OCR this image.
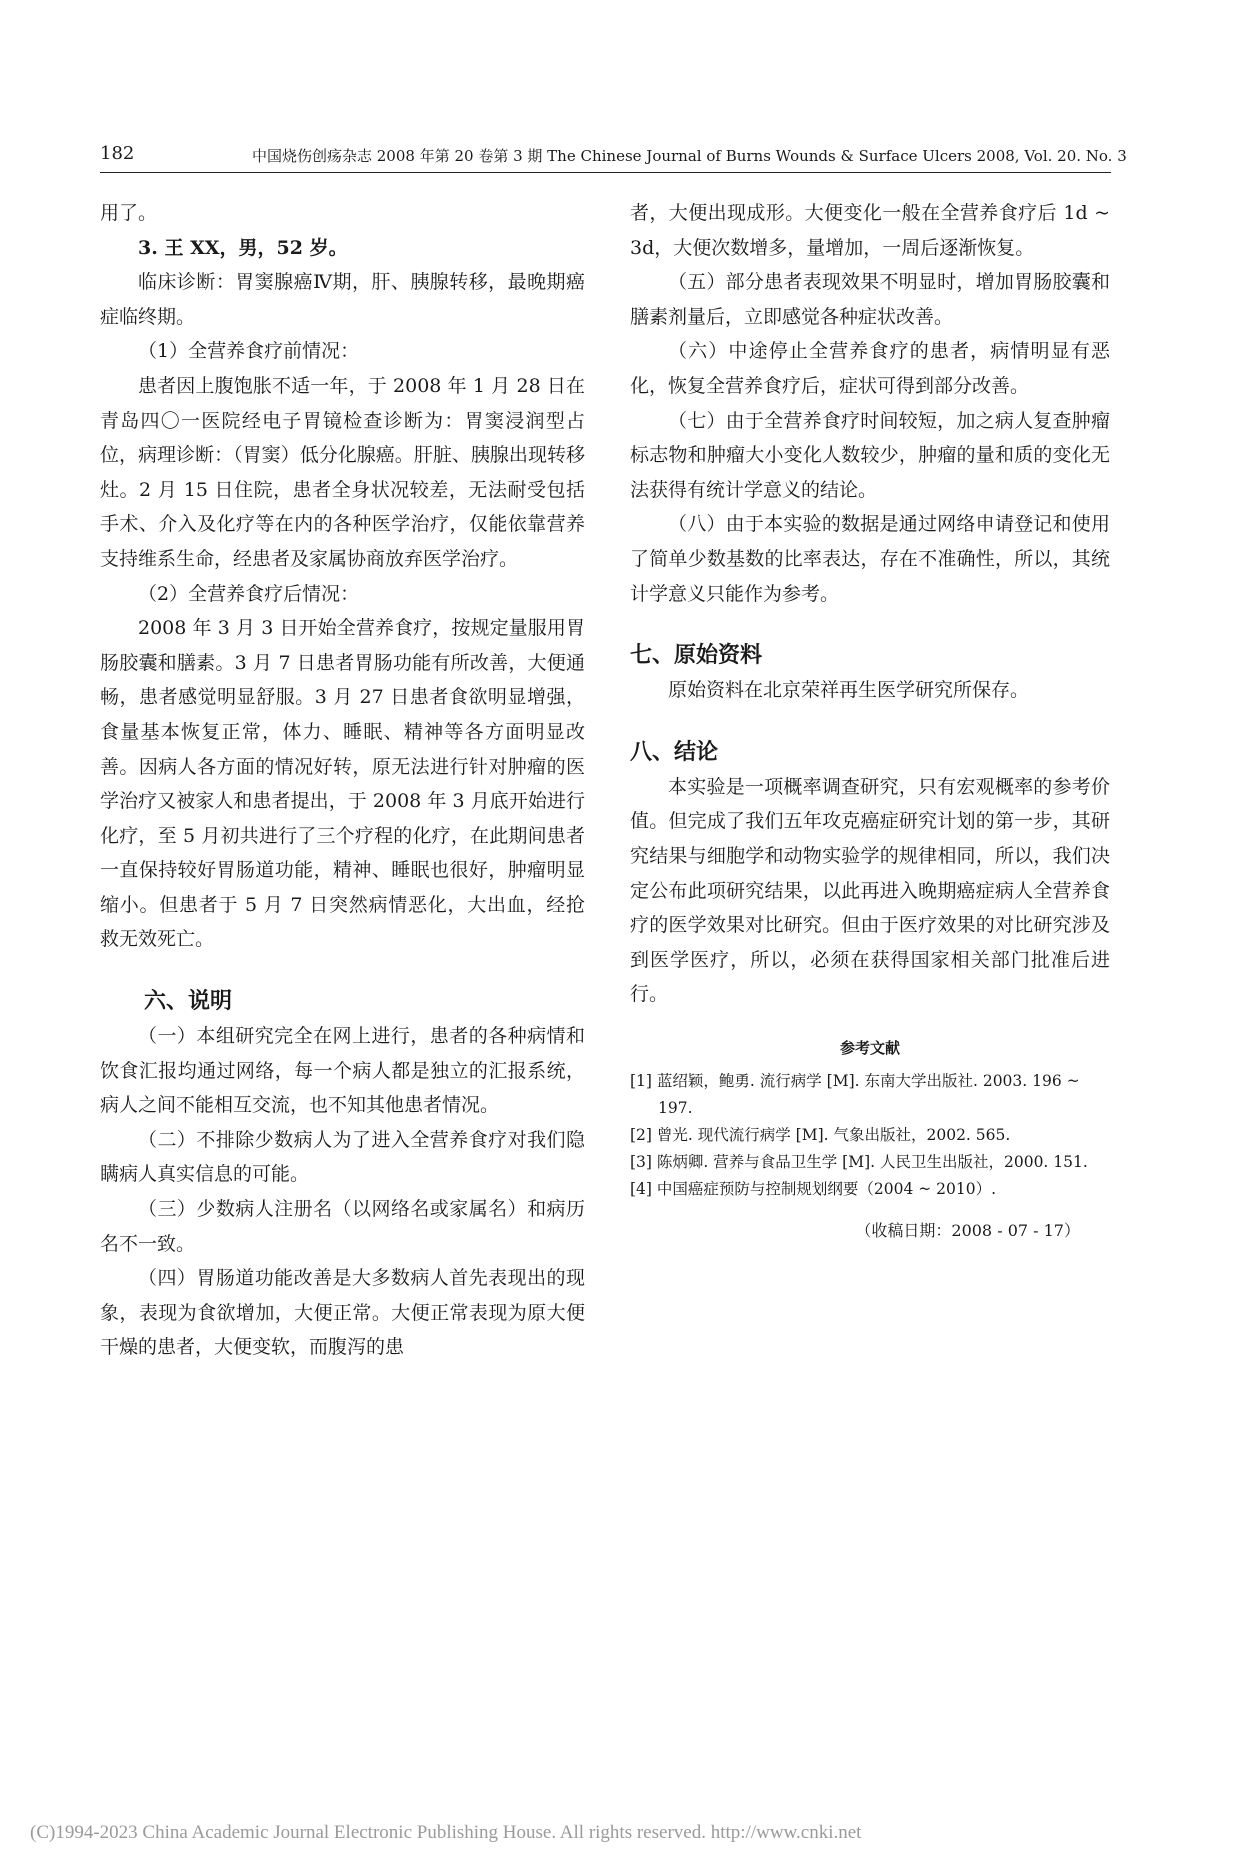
182	中国烧伤创疡杂志 2008 年第 20 卷第 3 期 The Chinese Journal of Burns Wounds & Surface Ulcers 2008, Vol. 20. No. 3

用了。

3. 王 XX，男，52 岁。

临床诊断：胃窦腺癌Ⅳ期，肝、胰腺转移，最晚期癌症临终期。

（1）全营养食疗前情况：

患者因上腹饱胀不适一年，于 2008 年 1 月 28 日在青岛四〇一医院经电子胃镜检查诊断为：胃窦浸润型占位，病理诊断：（胃窦）低分化腺癌。肝脏、胰腺出现转移灶。2 月 15 日住院，患者全身状况较差，无法耐受包括手术、介入及化疗等在内的各种医学治疗，仅能依靠营养支持维系生命，经患者及家属协商放弃医学治疗。

（2）全营养食疗后情况：

2008 年 3 月 3 日开始全营养食疗，按规定量服用胃肠胶囊和膳素。3 月 7 日患者胃肠功能有所改善，大便通畅，患者感觉明显舒服。3 月 27 日患者食欲明显增强，食量基本恢复正常，体力、睡眠、精神等各方面明显改善。因病人各方面的情况好转，原无法进行针对肿瘤的医学治疗又被家人和患者提出，于 2008 年 3 月底开始进行化疗，至 5 月初共进行了三个疗程的化疗，在此期间患者一直保持较好胃肠道功能，精神、睡眠也很好，肿瘤明显缩小。但患者于 5 月 7 日突然病情恶化，大出血，经抢救无效死亡。

六、说明

（一）本组研究完全在网上进行，患者的各种病情和饮食汇报均通过网络，每一个病人都是独立的汇报系统，病人之间不能相互交流，也不知其他患者情况。

（二）不排除少数病人为了进入全营养食疗对我们隐瞒病人真实信息的可能。

（三）少数病人注册名（以网络名或家属名）和病历名不一致。

（四）胃肠道功能改善是大多数病人首先表现出的现象，表现为食欲增加，大便正常。大便正常表现为原大便干燥的患者，大便变软，而腹泻的患

者，大便出现成形。大便变化一般在全营养食疗后 1d ~ 3d，大便次数增多，量增加，一周后逐渐恢复。

（五）部分患者表现效果不明显时，增加胃肠胶囊和膳素剂量后，立即感觉各种症状改善。

（六）中途停止全营养食疗的患者，病情明显有恶化，恢复全营养食疗后，症状可得到部分改善。

（七）由于全营养食疗时间较短，加之病人复查肿瘤标志物和肿瘤大小变化人数较少，肿瘤的量和质的变化无法获得有统计学意义的结论。

（八）由于本实验的数据是通过网络申请登记和使用了简单少数基数的比率表达，存在不准确性，所以，其统计学意义只能作为参考。

七、原始资料

原始资料在北京荣祥再生医学研究所保存。

八、结论

本实验是一项概率调查研究，只有宏观概率的参考价值。但完成了我们五年攻克癌症研究计划的第一步，其研究结果与细胞学和动物实验学的规律相同，所以，我们决定公布此项研究结果，以此再进入晚期癌症病人全营养食疗的医学效果对比研究。但由于医疗效果的对比研究涉及到医学医疗，所以，必须在获得国家相关部门批准后进行。

参考文献

[1] 蓝绍颖，鲍勇. 流行病学 [M]. 东南大学出版社. 2003. 196 ~ 197.

[2] 曾光. 现代流行病学 [M]. 气象出版社，2002. 565.

[3] 陈炳卿. 营养与食品卫生学 [M]. 人民卫生出版社，2000. 151.

[4] 中国癌症预防与控制规划纲要（2004 ~ 2010）.

（收稿日期：2008 - 07 - 17）

(C)1994-2023 China Academic Journal Electronic Publishing House. All rights reserved. http://www.cnki.net
